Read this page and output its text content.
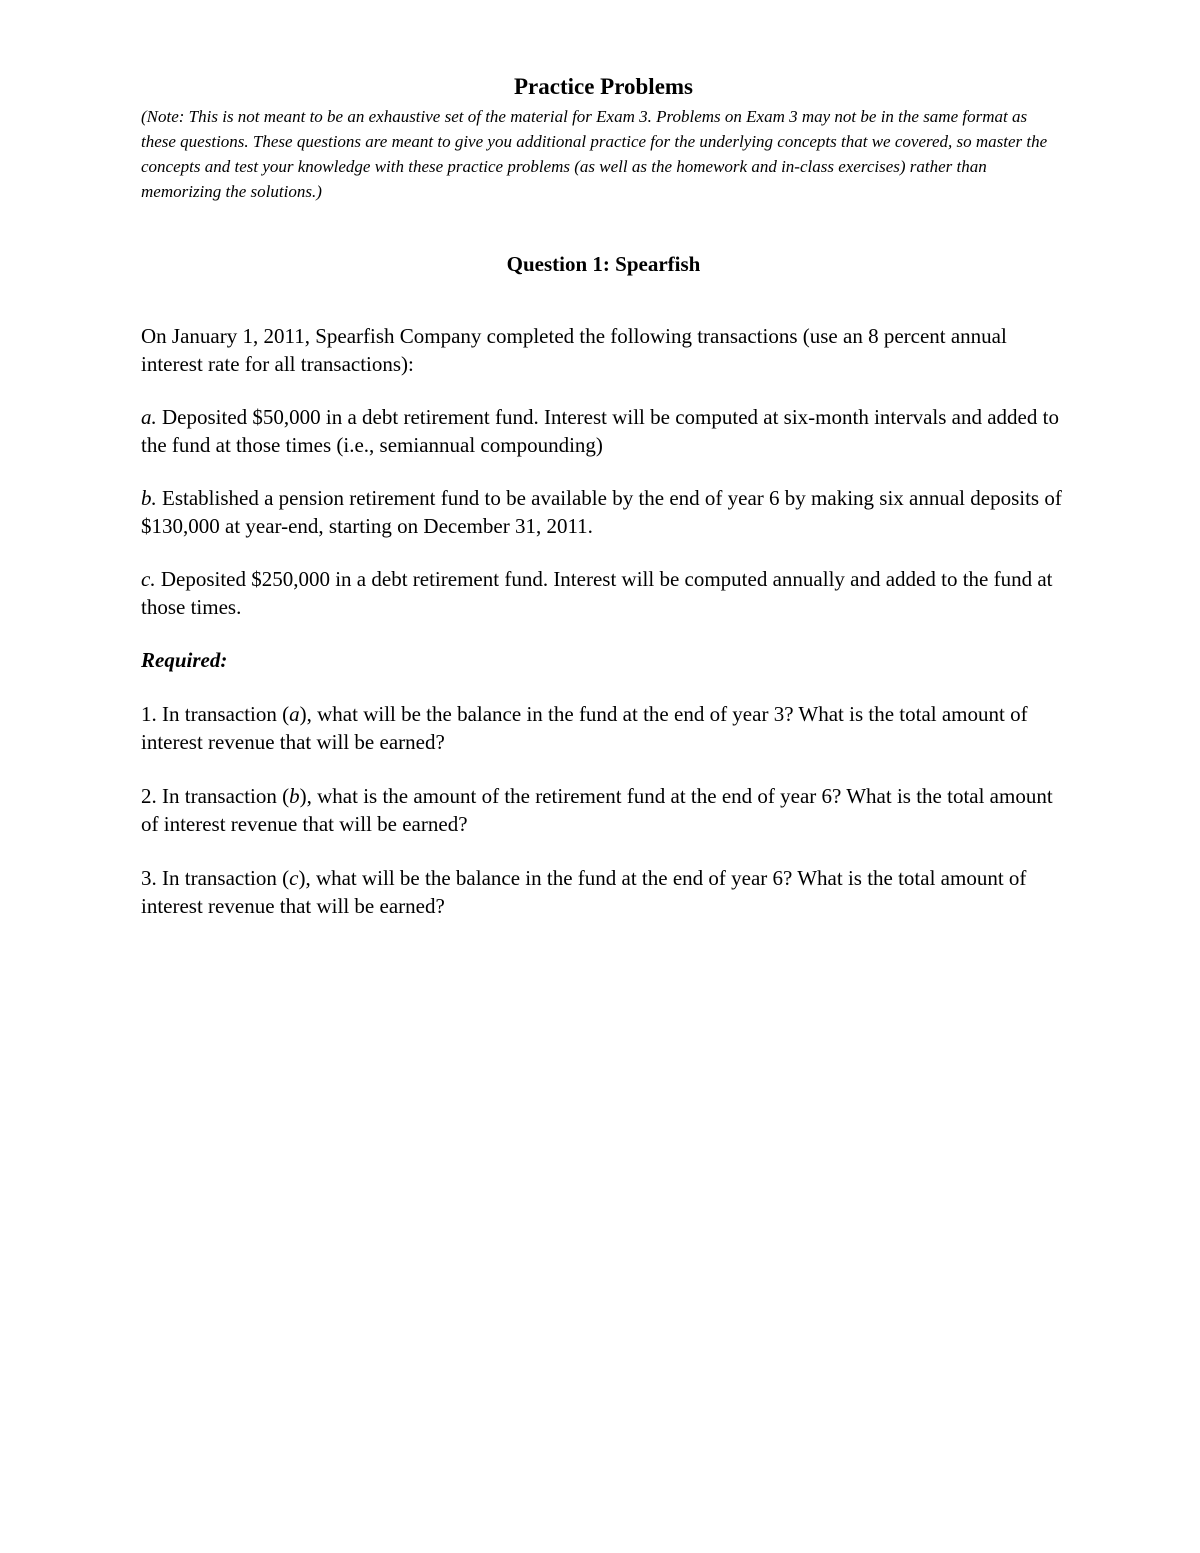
Practice Problems

(Note: This is not meant to be an exhaustive set of the material for Exam 3. Problems on Exam 3 may not be in the same format as these questions. These questions are meant to give you additional practice for the underlying concepts that we covered, so master the concepts and test your knowledge with these practice problems (as well as the homework and in-class exercises) rather than memorizing the solutions.)

Question 1: Spearfish

On January 1, 2011, Spearfish Company completed the following transactions (use an 8 percent annual interest rate for all transactions):

a. Deposited $50,000 in a debt retirement fund. Interest will be computed at six-month intervals and added to the fund at those times (i.e., semiannual compounding)

b. Established a pension retirement fund to be available by the end of year 6 by making six annual deposits of $130,000 at year-end, starting on December 31, 2011.

c. Deposited $250,000 in a debt retirement fund. Interest will be computed annually and added to the fund at those times.

Required:

1. In transaction (a), what will be the balance in the fund at the end of year 3? What is the total amount of interest revenue that will be earned?

2. In transaction (b), what is the amount of the retirement fund at the end of year 6? What is the total amount of interest revenue that will be earned?

3. In transaction (c), what will be the balance in the fund at the end of year 6? What is the total amount of interest revenue that will be earned?
